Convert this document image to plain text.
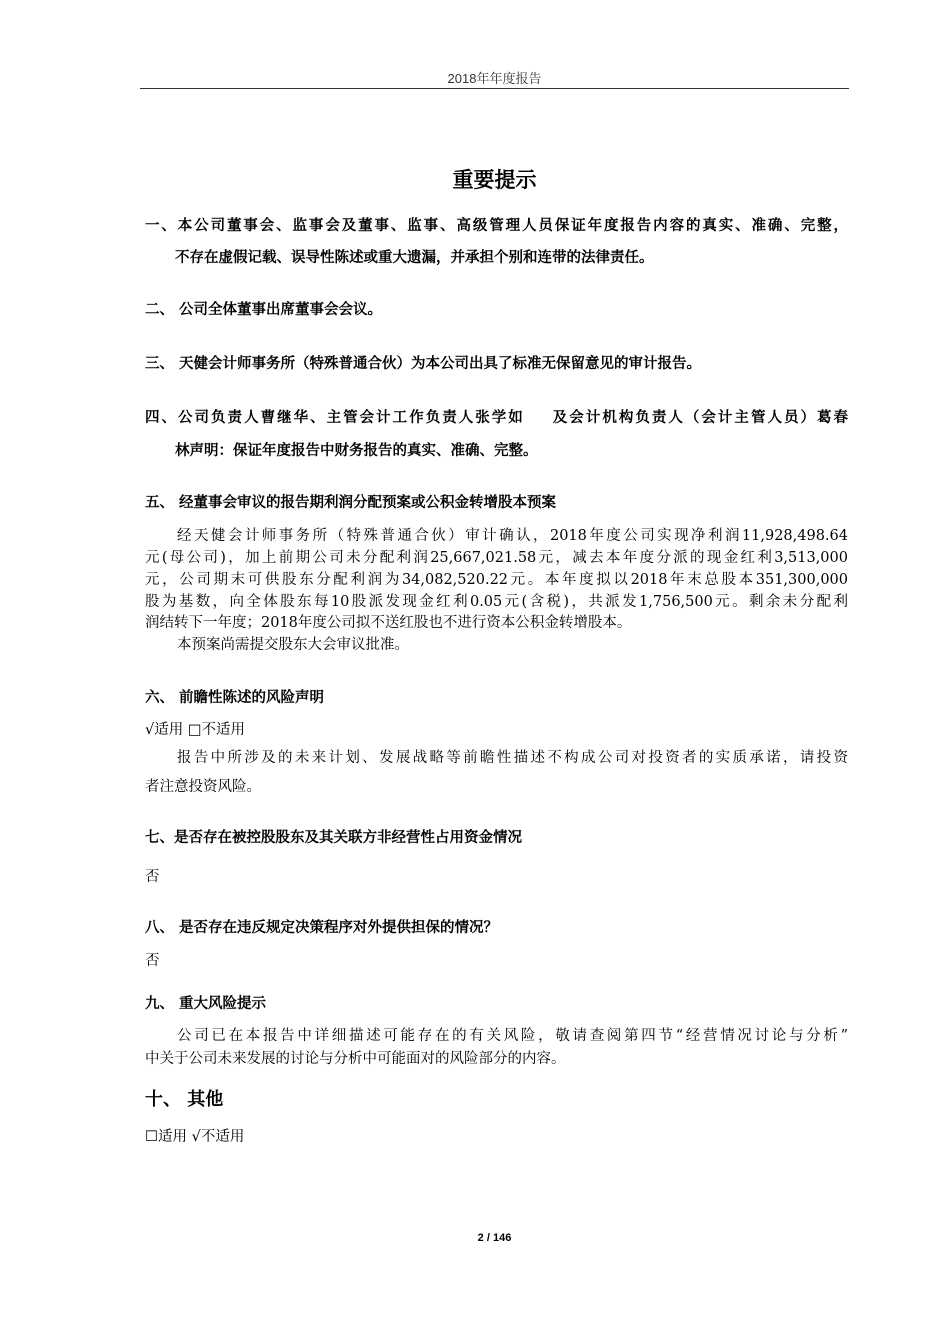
2018年年度报告
重要提示
一、本公司董事会、监事会及董事、监事、高级管理人员保证年度报告内容的真实、准确、完整，
不存在虚假记载、误导性陈述或重大遗漏，并承担个别和连带的法律责任。
二、 公司全体董事出席董事会会议。
三、 天健会计师事务所（特殊普通合伙）为本公司出具了标准无保留意见的审计报告。
四、公司负责人曹继华、主管会计工作负责人张学如 及会计机构负责人（会计主管人员）葛春
林声明：保证年度报告中财务报告的真实、准确、完整。
五、 经董事会审议的报告期利润分配预案或公积金转增股本预案
经天健会计师事务所（特殊普通合伙）审计确认，2018年度公司实现净利润11,928,498.64
元(母公司)，加上前期公司未分配利润25,667,021.58元，减去本年度分派的现金红利3,513,000
元，公司期末可供股东分配利润为34,082,520.22元。本年度拟以2018年末总股本351,300,000
股为基数，向全体股东每10股派发现金红利0.05元(含税)，共派发1,756,500元。剩余未分配利
润结转下一年度；2018年度公司拟不送红股也不进行资本公积金转增股本。
本预案尚需提交股东大会审议批准。
六、 前瞻性陈述的风险声明
√适用 □不适用
报告中所涉及的未来计划、发展战略等前瞻性描述不构成公司对投资者的实质承诺，请投资
者注意投资风险。
七、是否存在被控股股东及其关联方非经营性占用资金情况
否
八、 是否存在违反规定决策程序对外提供担保的情况？
否
九、 重大风险提示
公司已在本报告中详细描述可能存在的有关风险，敬请查阅第四节“经营情况讨论与分析”
中关于公司未来发展的讨论与分析中可能面对的风险部分的内容。
十、 其他
☐适用 √不适用
2 / 146
